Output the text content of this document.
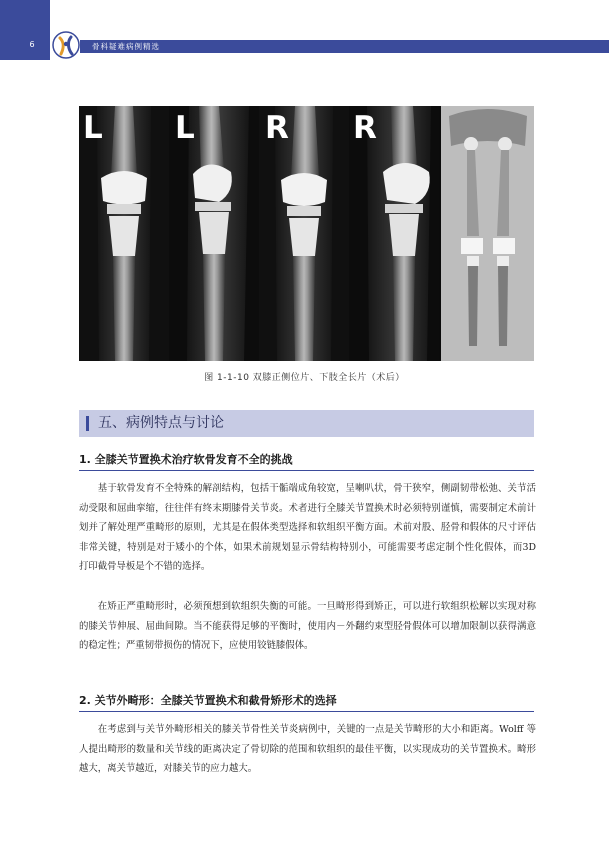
6	骨科疑难病例精选
L L R R
图 1-1-10 双膝正侧位片、下肢全长片（术后）
五、病例特点与讨论
1. 全膝关节置换术治疗软骨发育不全的挑战

基于软骨发育不全特殊的解剖结构，包括干骺端成角较宽，呈喇叭状，骨干狭窄，侧副韧带松弛、关节活动受限和屈曲挛缩，往往伴有终末期膝骨关节炎。术者进行全膝关节置换术时必须特别谨慎，需要制定术前计划并了解处理严重畸形的原则，尤其是在假体类型选择和软组织平衡方面。术前对股、胫骨和假体的尺寸评估非常关键，特别是对于矮小的个体，如果术前规划显示骨结构特别小，可能需要考虑定制个性化假体，而3D 打印截骨导板是个不错的选择。

在矫正严重畸形时，必须预想到软组织失衡的可能。一旦畸形得到矫正，可以进行软组织松解以实现对称的膝关节伸展、屈曲间隙。当不能获得足够的平衡时，使用内－外翻约束型胫骨假体可以增加限制以获得满意的稳定性；严重韧带损伤的情况下，应使用铰链膝假体。

2. 关节外畸形：全膝关节置换术和截骨矫形术的选择

在考虑到与关节外畸形相关的膝关节骨性关节炎病例中，关键的一点是关节畸形的大小和距离。Wolff 等人提出畸形的数量和关节线的距离决定了骨切除的范围和软组织的最佳平衡，以实现成功的关节置换术。畸形越大，离关节越近，对膝关节的应力越大。
